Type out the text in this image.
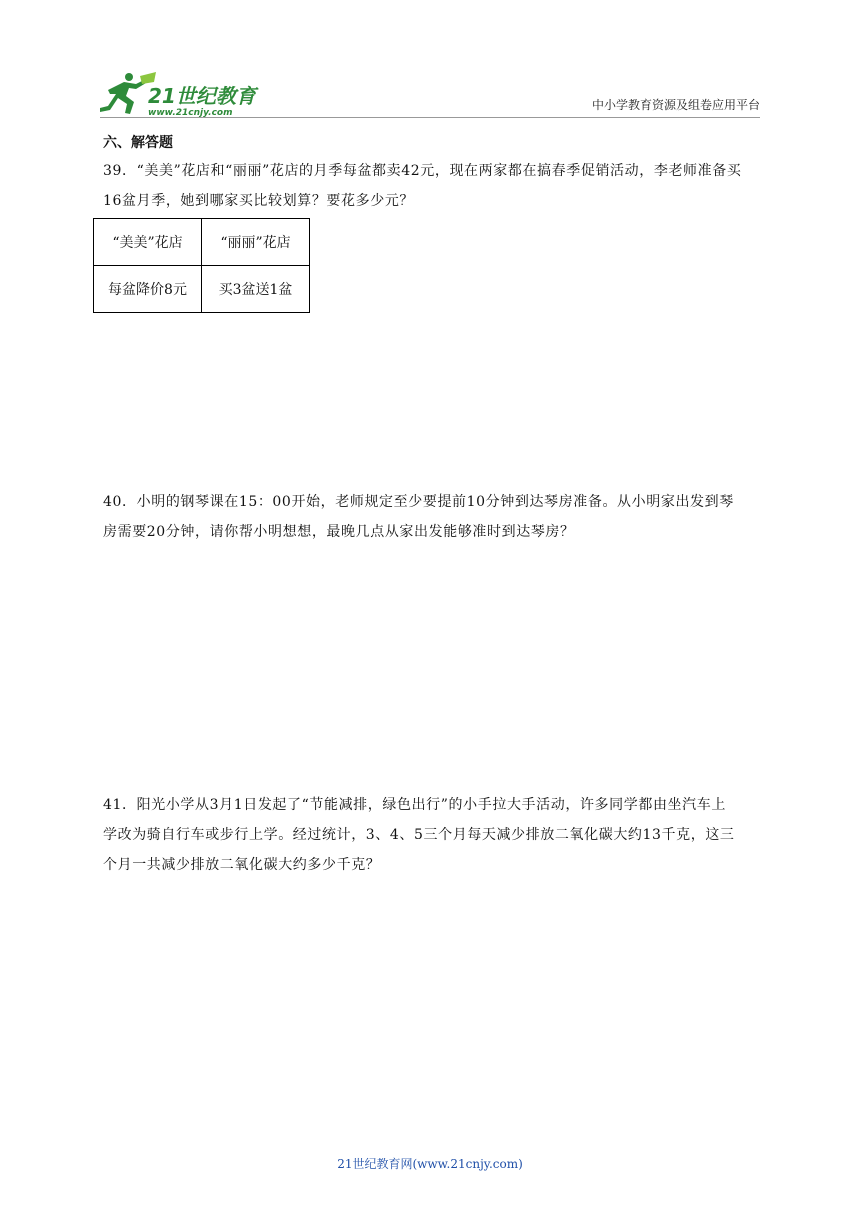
21世纪教育
www.21cnjy.com
中小学教育资源及组卷应用平台
六、解答题
39．“美美”花店和“丽丽”花店的月季每盆都卖42元，现在两家都在搞春季促销活动，李老师准备买
16盆月季，她到哪家买比较划算？要花多少元？
“美美”花店	“丽丽”花店
每盆降价8元	买3盆送1盆
40．小明的钢琴课在15：00开始，老师规定至少要提前10分钟到达琴房准备。从小明家出发到琴
房需要20分钟，请你帮小明想想，最晚几点从家出发能够准时到达琴房？
41．阳光小学从3月1日发起了“节能减排，绿色出行”的小手拉大手活动，许多同学都由坐汽车上
学改为骑自行车或步行上学。经过统计，3、4、5三个月每天减少排放二氧化碳大约13千克，这三
个月一共减少排放二氧化碳大约多少千克？
21世纪教育网(www.21cnjy.com)
